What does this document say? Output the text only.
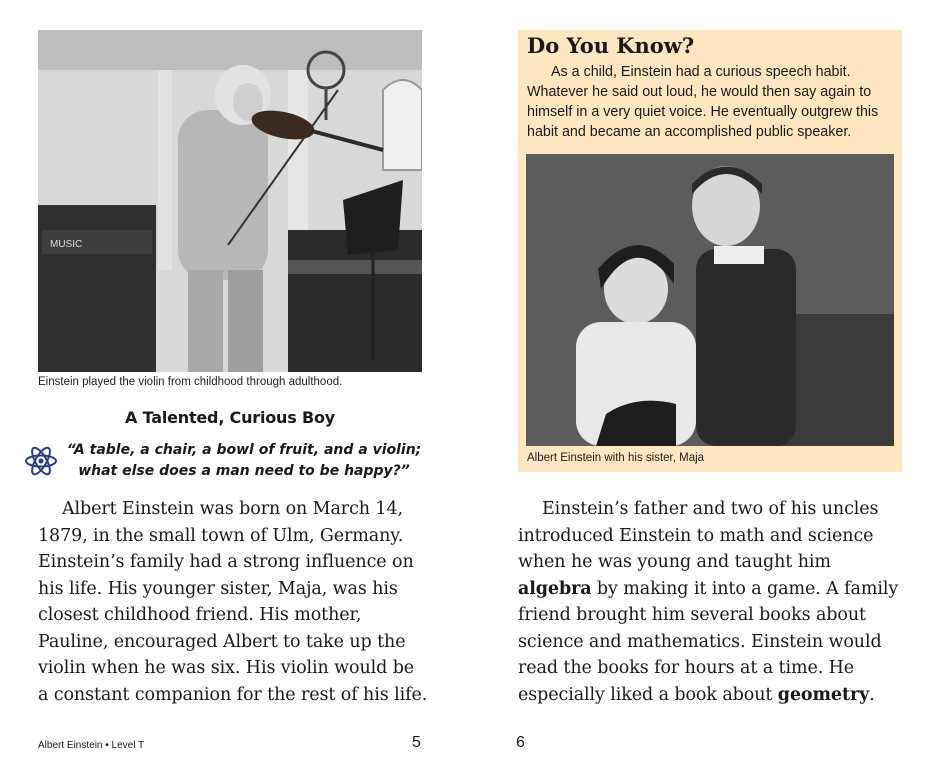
MUSIC
Einstein played the violin from childhood through adulthood.
A Talented, Curious Boy
“A table, a chair, a bowl of fruit, and a violin;
what else does a man need to be happy?”
Albert Einstein was born on March 14, 1879, in the small town of Ulm, Germany. Einstein’s family had a strong influence on his life. His younger sister, Maja, was his closest childhood friend. His mother, Pauline, encouraged Albert to take up the violin when he was six. His violin would be a constant companion for the rest of his life.
Albert Einstein • Level T	5
Do You Know?
As a child, Einstein had a curious speech habit. Whatever he said out loud, he would then say again to himself in a very quiet voice. He eventually outgrew this habit and became an accomplished public speaker.
Albert Einstein with his sister, Maja
Einstein’s father and two of his uncles introduced Einstein to math and science when he was young and taught him algebra by making it into a game. A family friend brought him several books about science and mathematics. Einstein would read the books for hours at a time. He especially liked a book about geometry.
6
